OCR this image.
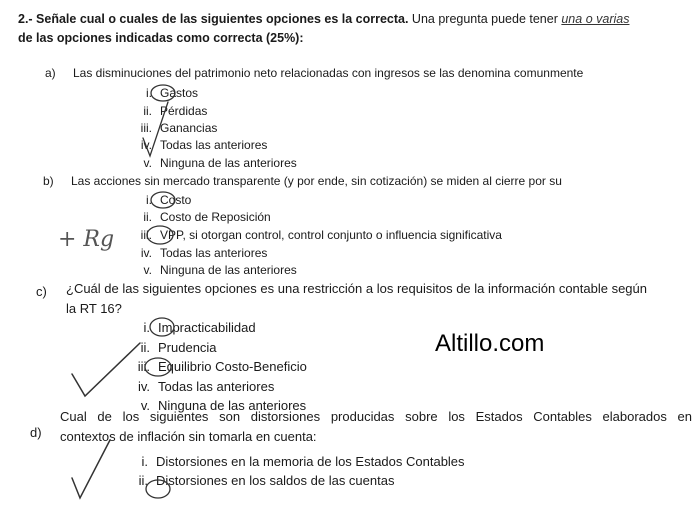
2.- Señale cual o cuales de las siguientes opciones es la correcta. Una pregunta puede tener una o varias
de las opciones indicadas como correcta (25%):
a) Las disminuciones del patrimonio neto relacionadas con ingresos se las denomina comunmente
i. Gastos
ii. Pérdidas
iii. Ganancias
iv. Todas las anteriores
v. Ninguna de las anteriores
b) Las acciones sin mercado transparente (y por ende, sin cotización) se miden al cierre por su
i. Costo
ii. Costo de Reposición
iii. VPP, si otorgan control, control conjunto o influencia significativa
iv. Todas las anteriores
v. Ninguna de las anteriores
c) ¿Cuál de las siguientes opciones es una restricción a los requisitos de la información contable según
la RT 16?
i. Impracticabilidad
ii. Prudencia
iii. Equilibrio Costo-Beneficio
iv. Todas las anteriores
v. Ninguna de las anteriores
Altillo.com
d)
Cual de los siguientes son distorsiones producidas sobre los Estados Contables elaborados en
contextos de inflación sin tomarla en cuenta:
i. Distorsiones en la memoria de los Estados Contables
ii. Distorsiones en los saldos de las cuentas
+ Rg
